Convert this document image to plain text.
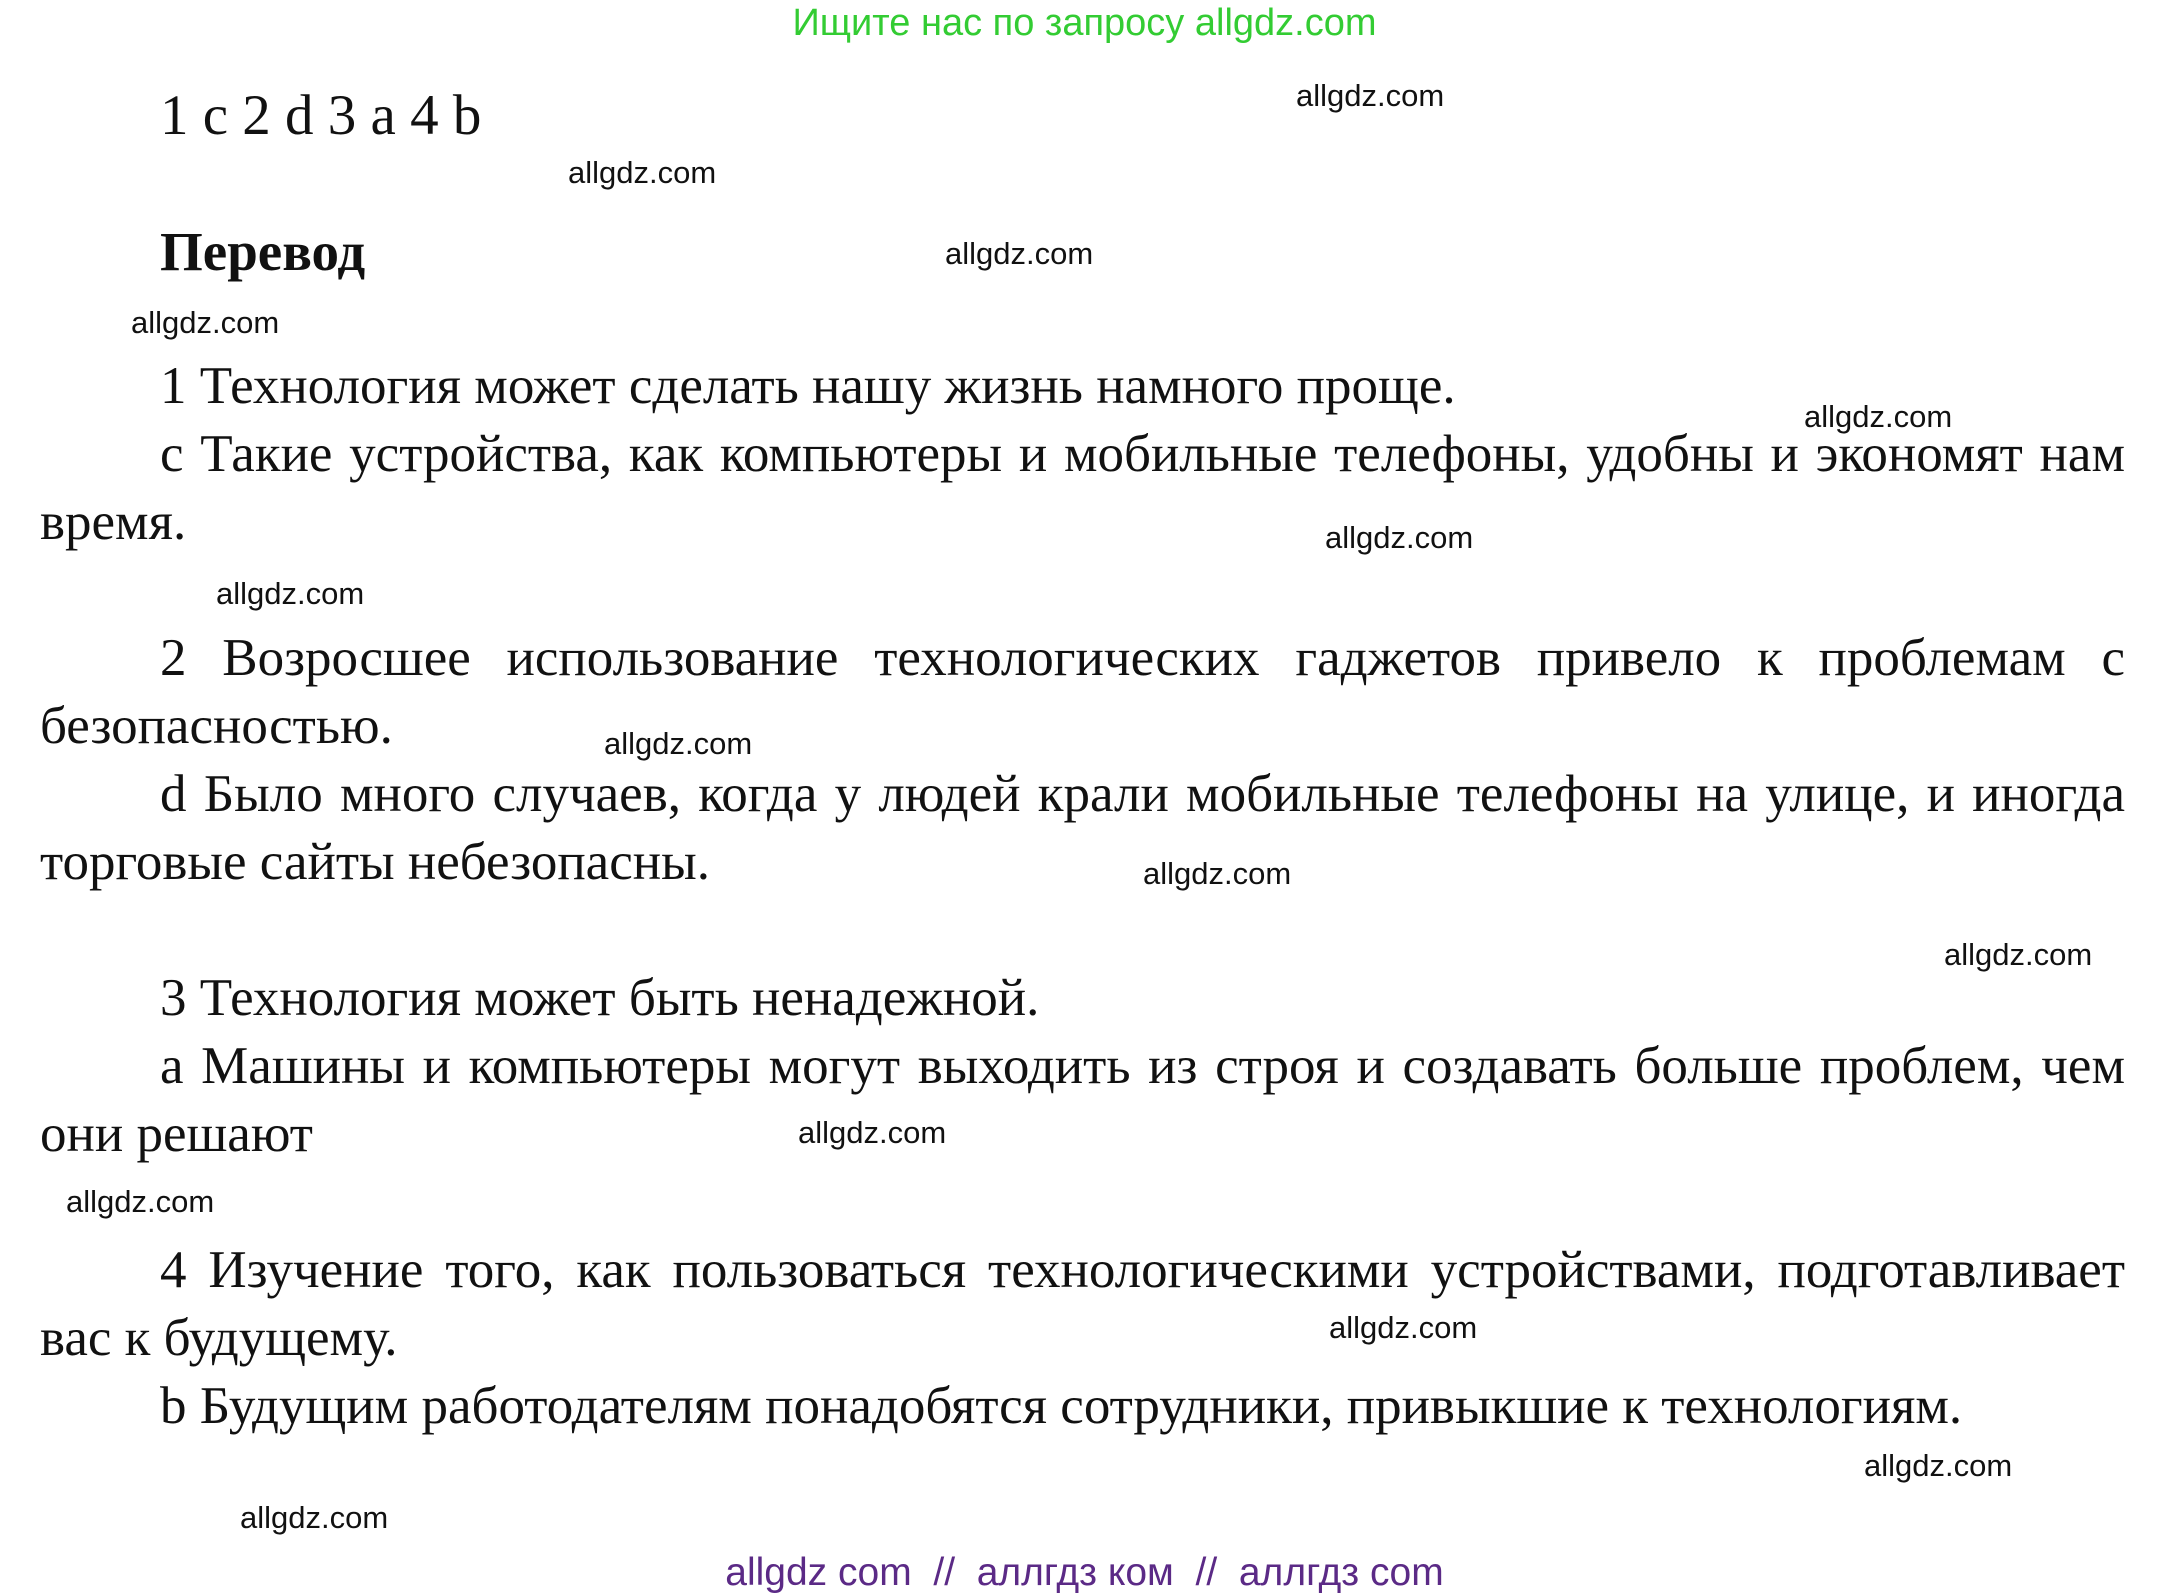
Ищите нас по запросу allgdz.com
1 c 2 d 3 a 4 b
Перевод
1 Технология может сделать нашу жизнь намного проще.
c Такие устройства, как компьютеры и мобильные телефоны, удобны и экономят нам время.
2 Возросшее использование технологических гаджетов привело к проблемам с безопасностью.
d Было много случаев, когда у людей крали мобильные телефоны на улице, и иногда торговые сайты небезопасны.
3 Технология может быть ненадежной.
a Машины и компьютеры могут выходить из строя и создавать больше проблем, чем они решают
4 Изучение того, как пользоваться технологическими устройствами, подготавливает вас к будущему.
b Будущим работодателям понадобятся сотрудники, привыкшие к технологиям.
allgdz.com
allgdz.com
allgdz.com
allgdz.com
allgdz.com
allgdz.com
allgdz.com
allgdz.com
allgdz.com
allgdz.com
allgdz.com
allgdz.com
allgdz.com
allgdz.com
allgdz.com
allgdz com  //  аллгдз ком  //  аллгдз com
